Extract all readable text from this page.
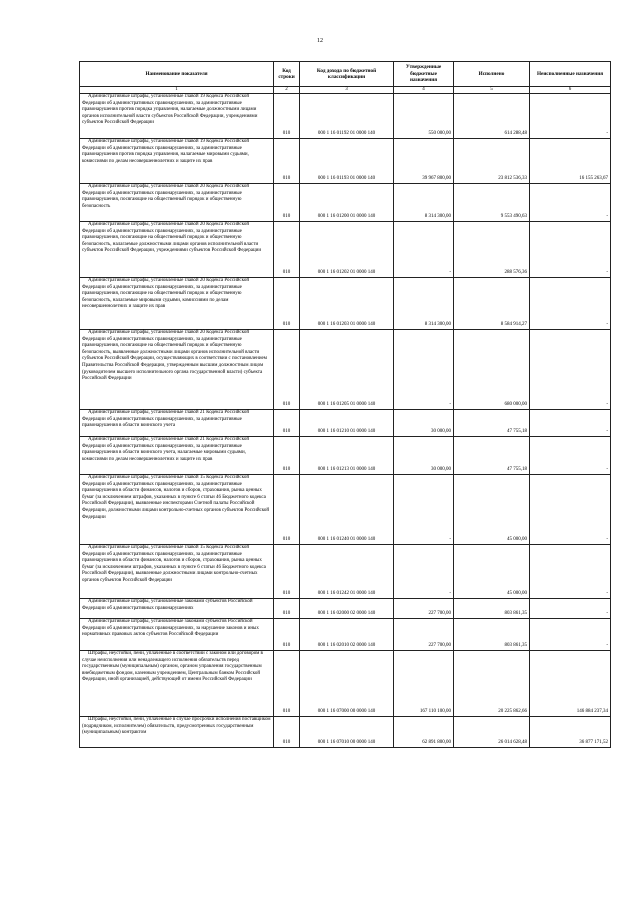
12
Наименование показателя	Код строки	Код дохода по бюджетной классификации	Утвержденные бюджетные назначения	Исполнено	Неисполненные назначения
1	2	3	4	5	6

Административные штрафы, установленные главой 19 Кодекса Российской Федерации об административных правонарушениях, за административные правонарушения против порядка управления, налагаемые должностными лицами органов исполнительной власти субъектов Российской Федерации, учреждениями субъектов Российской Федерации	010	000 1 16 01192 01 0000 140	550 000,00	614 288,48	-

Административные штрафы, установленные главой 19 Кодекса Российской Федерации об административных правонарушениях, за административные правонарушения против порядка управления, налагаемые мировыми судьями, комиссиями по делам несовершеннолетних и защите их прав	010	000 1 16 01193 01 0000 140	39 967 800,00	23 812 536,33	16 155 263,67

Административные штрафы, установленные главой 20 Кодекса Российской Федерации об административных правонарушениях, за административные правонарушения, посягающие на общественный порядок и общественную безопасность	010	000 1 16 01200 01 0000 140	8 314 300,00	9 553 490,63	-

Административные штрафы, установленные главой 20 Кодекса Российской Федерации об административных правонарушениях, за административные правонарушения, посягающие на общественный порядок и общественную безопасность, налагаемые должностными лицами органов исполнительной власти субъектов Российской Федерации, учреждениями субъектов Российской Федерации	010	000 1 16 01202 01 0000 140	-	288 576,36	-

Административные штрафы, установленные главой 20 Кодекса Российской Федерации об административных правонарушениях, за административные правонарушения, посягающие на общественный порядок и общественную безопасность, налагаемые мировыми судьями, комиссиями по делам несовершеннолетних и защите их прав	010	000 1 16 01203 01 0000 140	8 314 300,00	8 584 914,27	-

Административные штрафы, установленные главой 20 Кодекса Российской Федерации об административных правонарушениях, за административные правонарушения, посягающие на общественный порядок и общественную безопасность, выявленные должностными лицами органов исполнительной власти субъектов Российской Федерации, осуществляющих в соответствии с постановлением Правительства Российской Федерации, утвержденным высшим должностным лицом (руководителем высшего исполнительного органа государственной власти) субъекта Российской Федерации	010	000 1 16 01205 01 0000 140	-	680 000,00	-

Административные штрафы, установленные главой 21 Кодекса Российской Федерации об административных правонарушениях, за административные правонарушения в области воинского учета	010	000 1 16 01210 01 0000 140	30 000,00	47 755,18	-

Административные штрафы, установленные главой 21 Кодекса Российской Федерации об административных правонарушениях, за административные правонарушения в области воинского учета, налагаемые мировыми судьями, комиссиями по делам несовершеннолетних и защите их прав	010	000 1 16 01213 01 0000 140	30 000,00	47 755,18	-

Административные штрафы, установленные главой 15 Кодекса Российской Федерации об административных правонарушениях, за административные правонарушения в области финансов, налогов и сборов, страхования, рынка ценных бумаг (за исключением штрафов, указанных в пункте 6 статьи 46 Бюджетного кодекса Российской Федерации), выявленные инспекторами Счетной палаты Российской Федерации, должностными лицами контрольно-счетных органов субъектов Российской Федерации	010	000 1 16 01240 01 0000 140	-	45 000,00	-

Административные штрафы, установленные главой 15 Кодекса Российской Федерации об административных правонарушениях, за административные правонарушения в области финансов, налогов и сборов, страхования, рынка ценных бумаг (за исключением штрафов, указанных в пункте 6 статьи 46 Бюджетного кодекса Российской Федерации), выявленные должностными лицами контрольно-счетных органов субъектов Российской Федерации	010	000 1 16 01242 01 0000 140	-	45 000,00	-

Административные штрафы, установленные законами субъектов Российской Федерации об административных правонарушениях	010	000 1 16 02000 02 0000 140	227 700,00	803 861,35	-

Административные штрафы, установленные законами субъектов Российской Федерации об административных правонарушениях, за нарушение законов и иных нормативных правовых актов субъектов Российской Федерации	010	000 1 16 02010 02 0000 140	227 700,00	803 861,35	-

Штрафы, неустойки, пени, уплаченные в соответствии с законом или договором в случае неисполнения или ненадлежащего исполнения обязательств перед государственным (муниципальным) органом, органом управления государственным внебюджетным фондом, казенным учреждением, Центральным банком Российской Федерации, иной организацией, действующей от имени Российской Федерации	010	000 1 16 07000 00 0000 140	167 110 100,00	20 225 862,66	146 884 237,34

Штрафы, неустойки, пени, уплаченные в случае просрочки исполнения поставщиком (подрядчиком, исполнителем) обязательств, предусмотренных государственным (муниципальным) контрактом	010	000 1 16 07010 00 0000 140	62 891 800,00	26 014 628,48	36 877 171,52
